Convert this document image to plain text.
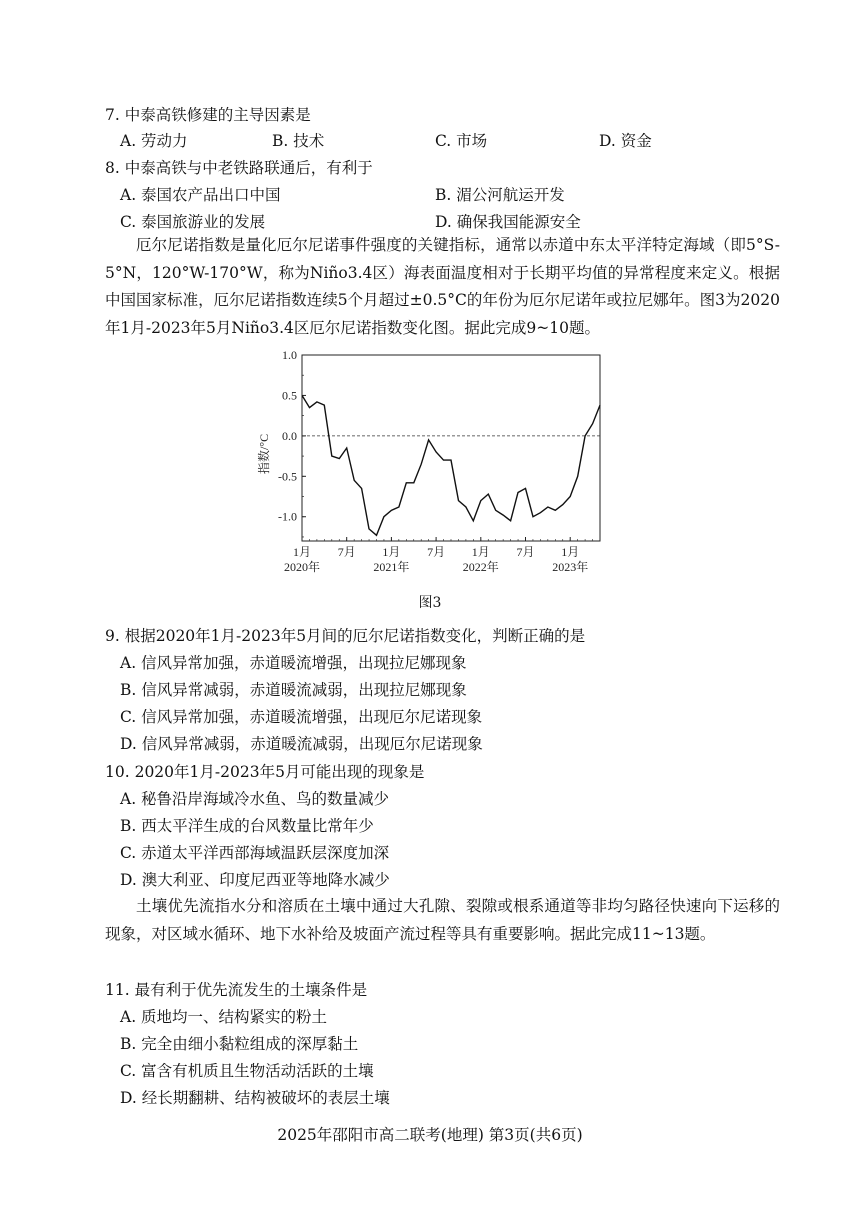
7. 中泰高铁修建的主导因素是
A. 劳动力	B. 技术	C. 市场	D. 资金
8. 中泰高铁与中老铁路联通后，有利于
A. 泰国农产品出口中国	B. 湄公河航运开发
C. 泰国旅游业的发展	D. 确保我国能源安全
厄尔尼诺指数是量化厄尔尼诺事件强度的关键指标，通常以赤道中东太平洋特定海域（即5°S-5°N，120°W-170°W，称为Niño3.4区）海表面温度相对于长期平均值的异常程度来定义。根据中国国家标准，厄尔尼诺指数连续5个月超过±0.5°C的年份为厄尔尼诺年或拉尼娜年。图3为2020年1月-2023年5月Niño3.4区厄尔尼诺指数变化图。据此完成9~10题。
1.0
0.5
0.0
-0.5
-1.0
指数/°C
1月
2020年
7月 1月
2021年
7月 1月
2022年
7月 1月
2023年
图3
9. 根据2020年1月-2023年5月间的厄尔尼诺指数变化，判断正确的是
A. 信风异常加强，赤道暖流增强，出现拉尼娜现象
B. 信风异常减弱，赤道暖流减弱，出现拉尼娜现象
C. 信风异常加强，赤道暖流增强，出现厄尔尼诺现象
D. 信风异常减弱，赤道暖流减弱，出现厄尔尼诺现象
10. 2020年1月-2023年5月可能出现的现象是
A. 秘鲁沿岸海域冷水鱼、鸟的数量减少
B. 西太平洋生成的台风数量比常年少
C. 赤道太平洋西部海域温跃层深度加深
D. 澳大利亚、印度尼西亚等地降水减少
土壤优先流指水分和溶质在土壤中通过大孔隙、裂隙或根系通道等非均匀路径快速向下运移的现象，对区域水循环、地下水补给及坡面产流过程等具有重要影响。据此完成11~13题。
11. 最有利于优先流发生的土壤条件是
A. 质地均一、结构紧实的粉土
B. 完全由细小黏粒组成的深厚黏土
C. 富含有机质且生物活动活跃的土壤
D. 经长期翻耕、结构被破坏的表层土壤
2025年邵阳市高二联考(地理) 第3页(共6页)
